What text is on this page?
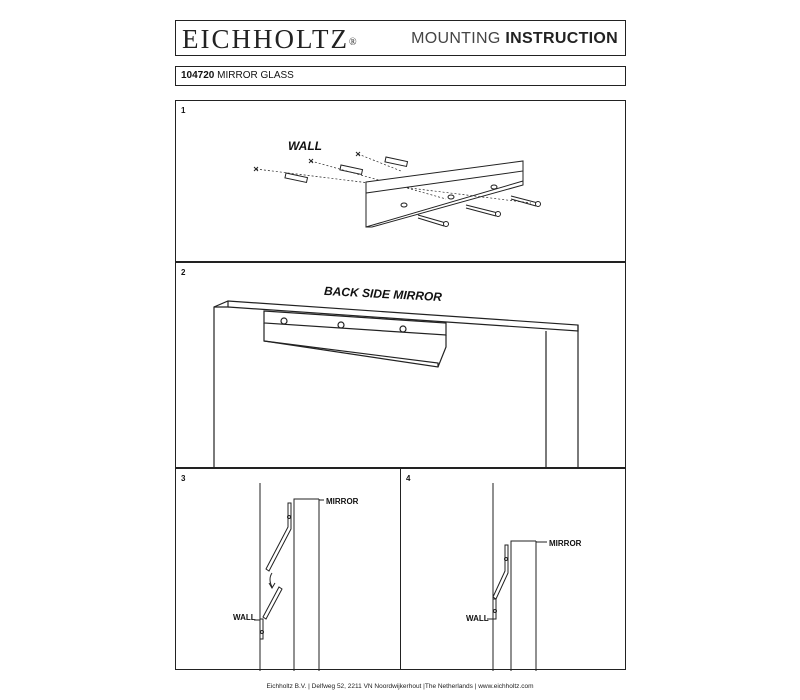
EICHHOLTZ®	MOUNTING INSTRUCTION
104720 MIRROR GLASS
1
WALL
2
BACK SIDE MIRROR
3
MIRROR
WALL
4
MIRROR
WALL
Eichholtz B.V. | Delfweg 52, 2211 VN Noordwijkerhout |The Netherlands | www.eichholtz.com
